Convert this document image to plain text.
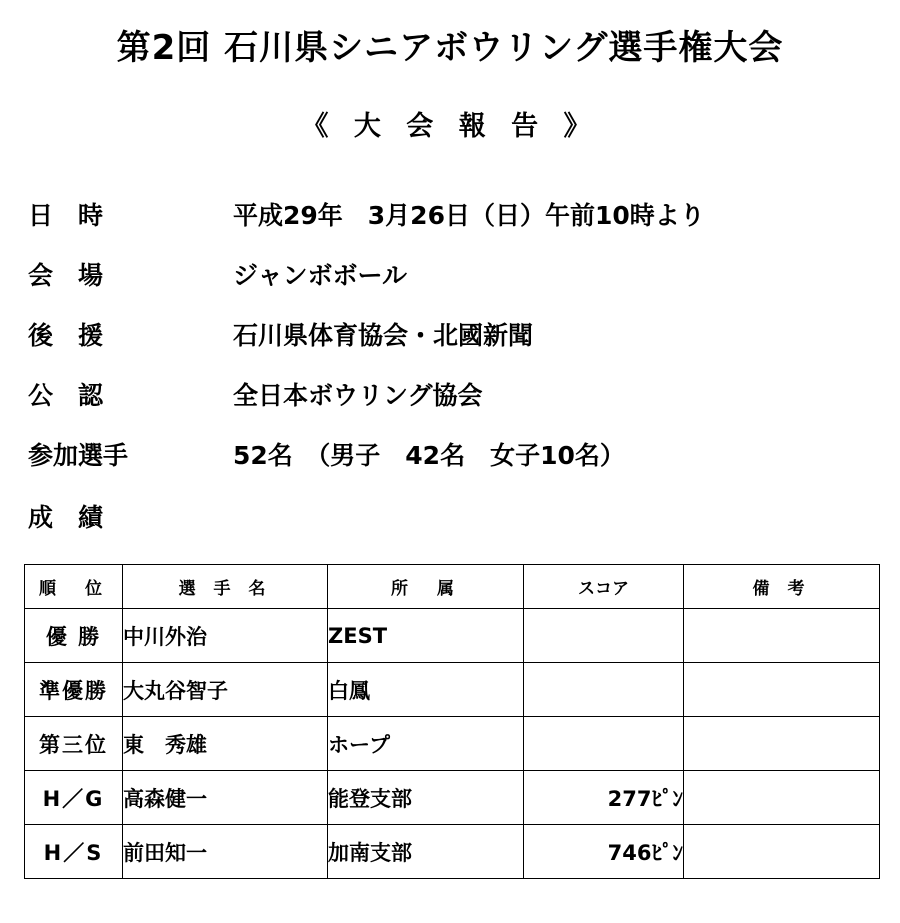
第2回 石川県シニアボウリング選手権大会
《 大 会 報 告 》
日　時	平成29年　3月26日（日）午前10時より
会　場	ジャンボボール
後　援	石川県体育協会・北國新聞
公　認	全日本ボウリング協会
参加選手	52名　（男子　42名　女子10名）
成　績
順　位	選 手 名	所　属	スコア	備 考
優 勝	中川外治	ZEST		
準優勝	大丸谷智子	白鳳		
第三位	東　秀雄	ホープ		
H／G	高森健一	能登支部	277ﾋﾟﾝ	
H／S	前田知一	加南支部	746ﾋﾟﾝ	
